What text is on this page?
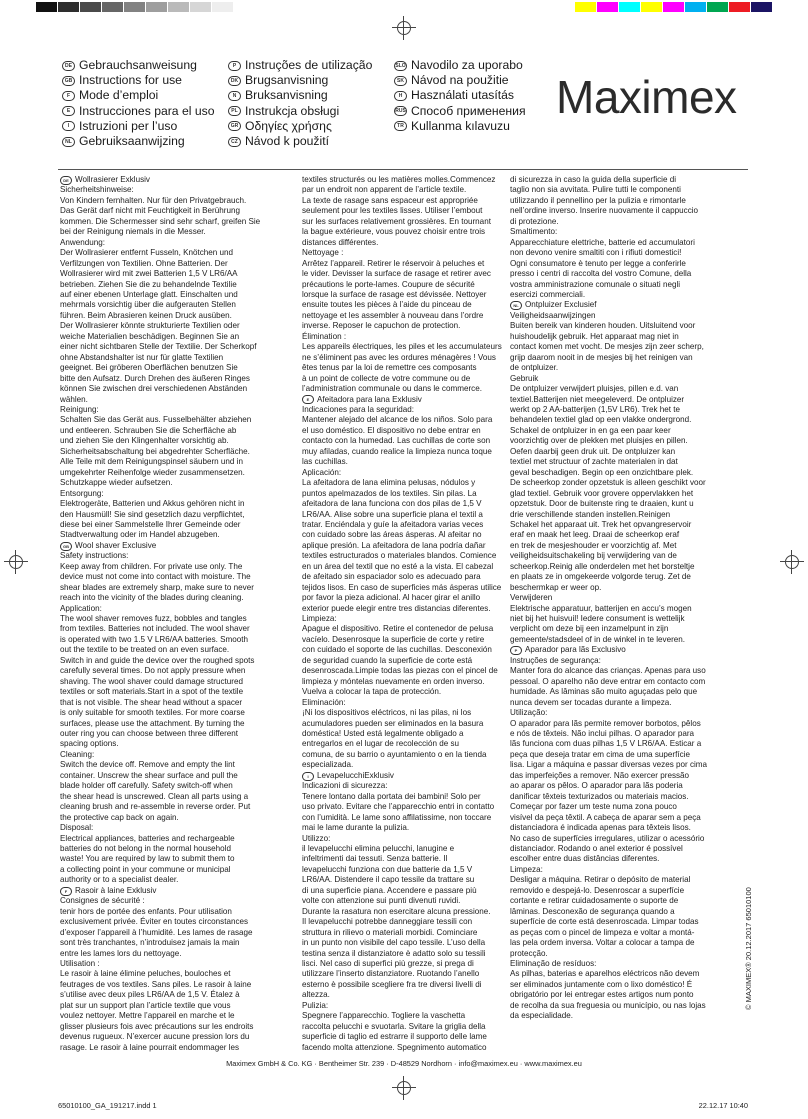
DE Gebrauchsanweisung
GB Instructions for use
F Mode d’emploi
E Instrucciones para el uso
I Istruzioni per l’uso
NL Gebruiksaanwijzing
P Instruções de utilização
DK Brugsanvisning
N Bruksanvisning
PL Instrukcja obsługi
GR Οδηγίες χρήσης
CZ Návod k použití
SLO Navodilo za uporabo
SK Návod na použitie
H Használati utasítás
RUS Способ применения
TR Kullanma kılavuzu
Maximex

DE Wollrasierer Exklusiv

Sicherheitshinweise:

Von Kindern fernhalten. Nur für den Privatgebrauch.

Das Gerät darf nicht mit Feuchtigkeit in Berührung

kommen. Die Schermesser sind sehr scharf, greifen Sie

bei der Reinigung niemals in die Messer.

Anwendung:

Der Wollrasierer entfernt Fusseln, Knötchen und

Verfilzungen von Textilien. Ohne Batterien. Der

Wollrasierer wird mit zwei Batterien 1,5 V LR6/AA

betrieben. Ziehen Sie die zu behandelnde Textilie

auf einer ebenen Unterlage glatt. Einschalten und

mehrmals vorsichtig über die aufgerauten Stellen

führen. Beim Abrasieren keinen Druck ausüben.

Der Wollrasierer könnte strukturierte Textilien oder

weiche Materialien beschädigen. Beginnen Sie an

einer nicht sichtbaren Stelle der Textilie. Der Scherkopf

ohne Abstandshalter ist nur für glatte Textilien

geeignet. Bei gröberen Oberflächen benutzen Sie

bitte den Aufsatz. Durch Drehen des äußeren Ringes

können Sie zwischen drei verschiedenen Abständen

wählen.

Reinigung:

Schalten Sie das Gerät aus. Fusselbehälter abziehen

und entleeren. Schrauben Sie die Scherfläche ab

und ziehen Sie den Klingenhalter vorsichtig ab.

Sicherheitsabschaltung bei abgedrehter Scherfläche.

Alle Teile mit dem Reinigungspinsel säubern und in

umgekehrter Reihenfolge wieder zusammensetzen.

Schutzkappe wieder aufsetzen.

Entsorgung:

Elektrogeräte, Batterien und Akkus gehören nicht in

den Hausmüll! Sie sind gesetzlich dazu verpflichtet,

diese bei einer Sammelstelle Ihrer Gemeinde oder

Stadtverwaltung oder im Handel abzugeben.

GB Wool shaver Exclusive

Safety instructions:

Keep away from children. For private use only. The

device must not come into contact with moisture. The

shear blades are extremely sharp, make sure to never

reach into the vicinity of the blades during cleaning.

Application:

The wool shaver removes fuzz, bobbles and tangles

from textiles. Batteries not included. The wool shaver

is operated with two 1.5 V LR6/AA batteries. Smooth

out the textile to be treated on an even surface.

Switch in and guide the device over the roughed spots

carefully several times. Do not apply pressure when

shaving. The wool shaver could damage structured

textiles or soft materials.Start in a spot of the textile

that is not visible. The shear head without a spacer

is only suitable for smooth textiles. For more coarse

surfaces, please use the attachment. By turning the

outer ring you can choose between three different

spacing options.

Cleaning:

Switch the device off. Remove and empty the lint

container. Unscrew the shear surface and pull the

blade holder off carefully. Safety switch-off when

the shear head is unscrewed. Clean all parts using a

cleaning brush and re-assemble in reverse order. Put

the protective cap back on again.

Disposal:

Electrical appliances, batteries and rechargeable

batteries do not belong in the normal household

waste! You are required by law to submit them to

a collecting point in your commune or municipal

authority or to a specialist dealer.

F Rasoir à laine Exklusiv

Consignes de sécurité :

tenir hors de portée des enfants. Pour utilisation

exclusivement privée. Éviter en toutes circonstances

d’exposer l’appareil à l’humidité. Les lames de rasage

sont très tranchantes, n’introduisez jamais la main

entre les lames lors du nettoyage.

Utilisation :

Le rasoir à laine élimine peluches, bouloches et

feutrages de vos textiles. Sans piles. Le rasoir à laine

s’utilise avec deux piles LR6/AA de 1,5 V. Étalez à

plat sur un support plan l’article textile que vous

voulez nettoyer. Mettre l’appareil en marche et le

glisser plusieurs fois avec précautions sur les endroits

devenus rugueux. N’exercer aucune pression lors du

rasage. Le rasoir à laine pourrait endommager les

textiles structurés ou les matières molles.Commencez

par un endroit non apparent de l’article textile.

La texte de rasage sans espaceur est appropriée

seulement pour les textiles lisses. Utiliser l’embout

sur les surfaces relativement grossières. En tournant

la bague extérieure, vous pouvez choisir entre trois

distances différentes.

Nettoyage :

Arrêtez l’appareil. Retirer le réservoir à peluches et

le vider. Devisser la surface de rasage et retirer avec

précautions le porte-lames. Coupure de sécurité

lorsque la surface de rasage est dévissée. Nettoyer

ensuite toutes les pièces à l’aide du pinceau de

nettoyage et les assembler à nouveau dans l’ordre

inverse. Reposer le capuchon de protection.

Élimination :

Les appareils électriques, les piles et les accumulateurs

ne s’éliminent pas avec les ordures ménagères ! Vous

êtes tenus par la loi de remettre ces composants

à un point de collecte de votre commune ou de

l’administration communale ou dans le commerce.

E Afeitadora para lana Exklusiv

Indicaciones para la seguridad:

Mantener alejado del alcance de los niños. Solo para

el uso doméstico. El dispositivo no debe entrar en

contacto con la humedad. Las cuchillas de corte son

muy afiladas, cuando realice la limpieza nunca toque

las cuchillas.

Aplicación:

La afeitadora de lana elimina pelusas, nódulos y

puntos apelmazados de los textiles. Sin pilas. La

afeitadora de lana funciona con dos pilas de 1,5 V

LR6/AA. Alise sobre una superficie plana el textil a

tratar. Enciéndala y guíe la afeitadora varias veces

con cuidado sobre las áreas ásperas. Al afeitar no

aplique presión. La afeitadora de lana podría dañar

textiles estructurados o materiales blandos. Comience

en un área del textil que no esté a la vista. El cabezal

de afeitado sin espaciador solo es adecuado para

tejidos lisos. En caso de superficies más ásperas utilice

por favor la pieza adicional. Al hacer girar el anillo

exterior puede elegir entre tres distancias diferentes.

Limpieza:

Apague el dispositivo. Retire el contenedor de pelusa

vacíelo. Desenrosque la superficie de corte y retire

con cuidado el soporte de las cuchillas. Desconexión

de seguridad cuando la superficie de corte está

desenroscada.Limpie todas las piezas con el pincel de

limpieza y móntelas nuevamente en orden inverso.

Vuelva a colocar la tapa de protección.

Eliminación:

¡Ni los dispositivos eléctricos, ni las pilas, ni los

acumuladores pueden ser eliminados en la basura

doméstica! Usted está legalmente obligado a

entregarlos en el lugar de recolección de su

comuna, de su barrio o ayuntamiento o en la tienda

especializada.

I	LevapelucchiExklusiv

Indicazioni di sicurezza:

Tenere lontano dalla portata dei bambini! Solo per

uso privato. Evitare che l’apparecchio entri in contatto

con l’umidità. Le lame sono affilatissime, non toccare

mai le lame durante la pulizia.

Utilizzo:

il levapelucchi elimina pelucchi, lanugine e

infeltrimenti dai tessuti. Senza batterie. Il

levapelucchi funziona con due batterie da 1,5 V

LR6/AA. Distendere il capo tessile da trattare su

di una superficie piana. Accendere e passare più

volte con attenzione sui punti divenuti ruvidi.

Durante la rasatura non esercitare alcuna pressione.

Il levapelucchi potrebbe danneggiare tessili con

struttura in rilievo o materiali morbidi. Cominciare

in un punto non visibile del capo tessile. L’uso della

testina senza il distanziatore è adatto solo su tessili

lisci. Nel caso di superfici più grezze, si prega di

utilizzare l’inserto distanziatore. Ruotando l’anello

esterno è possibile scegliere fra tre diversi livelli di

altezza.

Pulizia:

Spegnere l’apparecchio. Togliere la vaschetta

raccolta pelucchi e svuotarla. Svitare la griglia della

superficie di taglio ed estrarre il supporto delle lame

facendo molta attenzione. Spegnimento automatico

di sicurezza in caso la guida della superficie di

taglio non sia avvitata. Pulire tutti le componenti

utilizzando il pennellino per la pulizia e rimontarle

nell’ordine inverso. Inserire nuovamente il cappuccio

di protezione.

Smaltimento:

Apparecchiature elettriche, batterie ed accumulatori

non devono venire smaltiti con i rifiuti domestici!

Ogni consumatore è tenuto per legge a conferirle

presso i centri di raccolta del vostro Comune, della

vostra amministrazione comunale o situati negli

esercizi commerciali.

NL Ontpluizer Exclusief

Veiligheidsaanwijzingen

Buiten bereik van kinderen houden. Uitsluitend voor

huishoudelijk gebruik. Het apparaat mag niet in

contact komen met vocht. De mesjes zijn zeer scherp,

grijp daarom nooit in de mesjes bij het reinigen van

de ontpluizer.

Gebruik

De ontpluizer verwijdert pluisjes, pillen e.d. van

textiel.Batterijen niet meegeleverd. De ontpluizer

werkt op 2 AA-batterijen (1,5V LR6). Trek het te

behandelen textiel glad op een vlakke ondergrond.

Schakel de ontpluizer in en ga een paar keer

voorzichtig over de plekken met pluisjes en pillen.

Oefen daarbij geen druk uit. De ontpluizer kan

textiel met structuur of zachte materialen in dat

geval beschadigen. Begin op een onzichtbare plek.

De scheerkop zonder opzetstuk is alleen geschikt voor

glad textiel. Gebruik voor grovere oppervlakken het

opzetstuk. Door de buitenste ring te draaien, kunt u

drie verschillende standen instellen.Reinigen

Schakel het apparaat uit. Trek het opvangreservoir

eraf en maak het leeg. Draai de scheerkop eraf

en trek de mesjeshouder er voorzichtig af. Met

veiligheidsuitschakeling bij verwijdering van de

scheerkop.Reinig alle onderdelen met het borsteltje

en plaats ze in omgekeerde volgorde terug. Zet de

beschermkap er weer op.

Verwijderen

Elektrische apparatuur, batterijen en accu’s mogen

niet bij het huisvuil! Iedere consument is wettelijk

verplicht om deze bij een inzamelpunt in zijn

gemeente/stadsdeel of in de winkel in te leveren.

P Aparador para lãs Exclusivo

Instruções de segurança:

Manter fora do alcance das crianças. Apenas para uso

pessoal. O aparelho não deve entrar em contacto com

humidade. As lâminas são muito aguçadas pelo que

nunca devem ser tocadas durante a limpeza.

Utilização:

O aparador para lãs permite remover borbotos, pêlos

e nós de têxteis. Não inclui pilhas. O aparador para

lãs funciona com duas pilhas 1,5 V LR6/AA. Esticar a

peça que deseja tratar em cima de uma superfície

lisa. Ligar a máquina e passar diversas vezes por cima

das imperfeições a remover. Não exercer pressão

ao aparar os pêlos. O aparador para lãs poderia

danificar têxteis texturizados ou materiais macios.

Começar por fazer um teste numa zona pouco

visível da peça têxtil. A cabeça de aparar sem a peça

distanciadora é indicada apenas para têxteis lisos.

No caso de superfícies irregulares, utilizar o acessório

distanciador. Rodando o anel exterior é possível

escolher entre duas distâncias diferentes.

Limpeza:

Desligar a máquina. Retirar o depósito de material

removido e despejá-lo. Desenroscar a superfície

cortante e retirar cuidadosamente o suporte de

lâminas. Desconexão de segurança quando a

superfície de corte está desenroscada. Limpar todas

as peças com o pincel de limpeza e voltar a montá-

las pela ordem inversa. Voltar a colocar a tampa de

protecção.

Eliminação de resíduos:

As pilhas, baterias e aparelhos eléctricos não devem

ser eliminados juntamente com o lixo doméstico! É

obrigatório por lei entregar estes artigos num ponto

de recolha da sua freguesia ou município, ou nas lojas

da especialidade.

© MAXIMEX® 20.12.2017 65010100
Maximex GmbH & Co. KG · Bentheimer Str. 239 · D-48529 Nordhorn · info@maximex.eu · www.maximex.eu
65010100_GA_191217.indd 1	22.12.17 10:40
